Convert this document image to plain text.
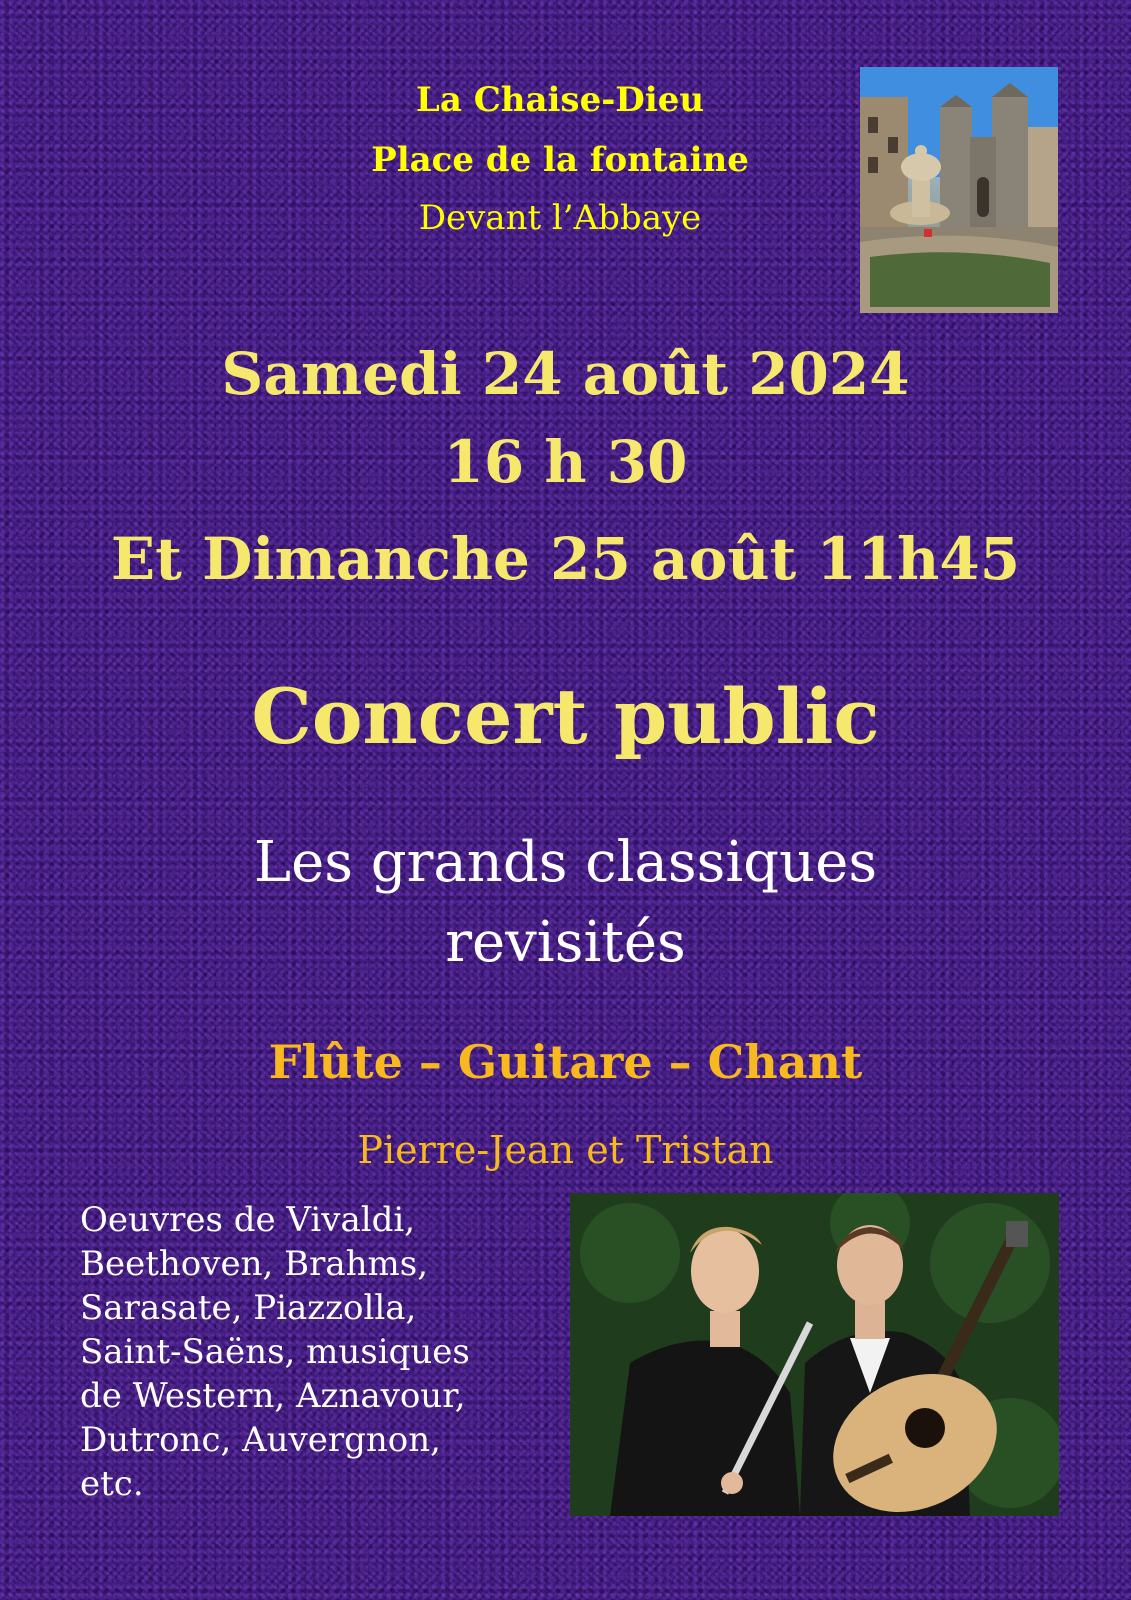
La Chaise-Dieu
Place de la fontaine
Devant l’Abbaye
Samedi 24 août 2024
16 h 30
Et Dimanche 25 août 11h45
Concert public
Les grands classiques
revisités
Flûte – Guitare – Chant
Pierre-Jean et Tristan
Oeuvres de Vivaldi,
Beethoven, Brahms,
Sarasate, Piazzolla,
Saint-Saëns, musiques
de Western, Aznavour,
Dutronc, Auvergnon,
etc.
